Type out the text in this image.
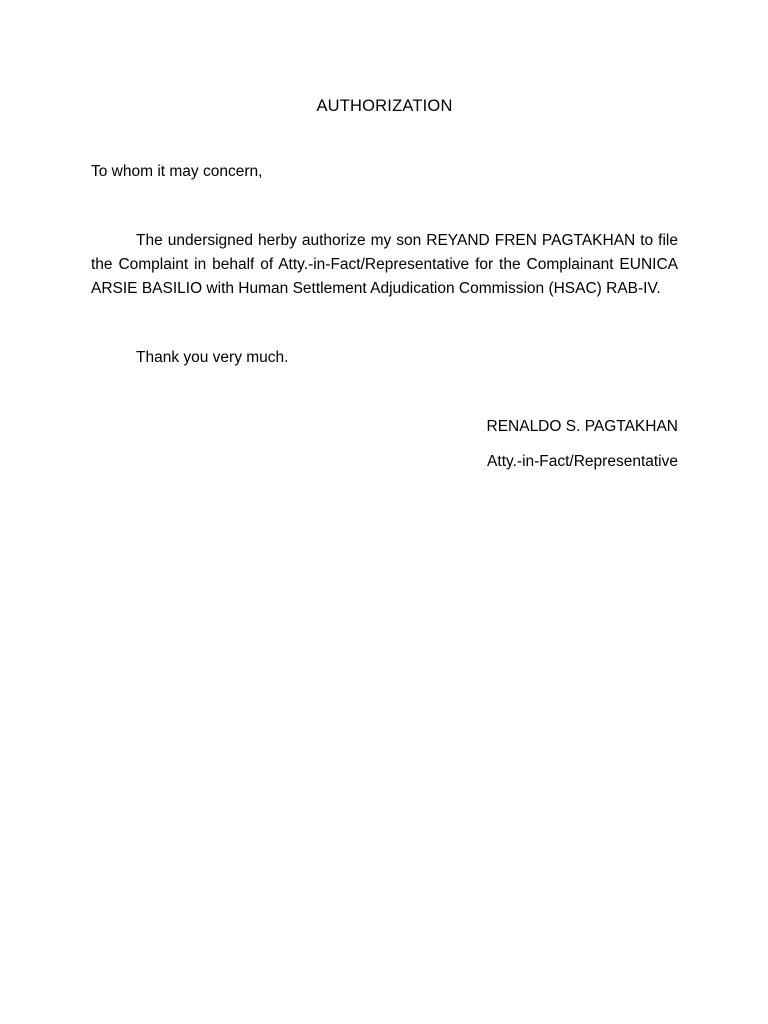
AUTHORIZATION

To whom it may concern,

The undersigned herby authorize my son REYAND FREN PAGTAKHAN to file the Complaint in behalf of Atty.-in-Fact/Representative for the Complainant EUNICA ARSIE BASILIO with Human Settlement Adjudication Commission (HSAC) RAB-IV.

Thank you very much.

RENALDO S. PAGTAKHAN

Atty.-in-Fact/Representative
